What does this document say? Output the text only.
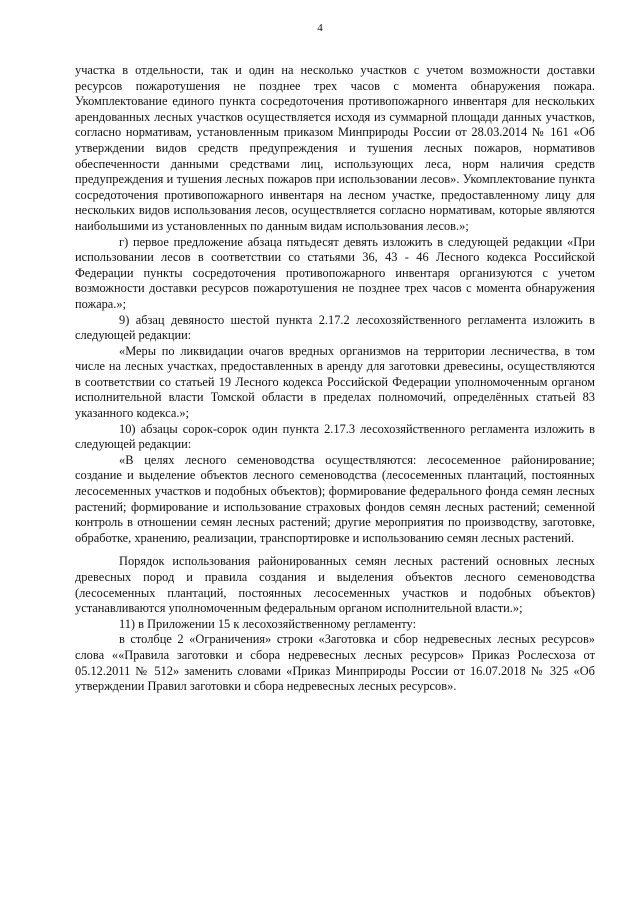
4

участка в отдельности, так и один на несколько участков с учетом возможности доставки ресурсов пожаротушения не позднее трех часов с момента обнаружения пожара. Укомплектование единого пункта сосредоточения противопожарного инвентаря для нескольких арендованных лесных участков осуществляется исходя из суммарной площади данных участков, согласно нормативам, установленным приказом Минприроды России от 28.03.2014 № 161 «Об утверждении видов средств предупреждения и тушения лесных пожаров, нормативов обеспеченности данными средствами лиц, использующих леса, норм наличия средств предупреждения и тушения лесных пожаров при использовании лесов». Укомплектование пункта сосредоточения противопожарного инвентаря на лесном участке, предоставленному лицу для нескольких видов использования лесов, осуществляется согласно нормативам, которые являются наибольшими из установленных по данным видам использования лесов.»;

г) первое предложение абзаца пятьдесят девять изложить в следующей редакции «При использовании лесов в соответствии со статьями 36, 43 - 46 Лесного кодекса Российской Федерации пункты сосредоточения противопожарного инвентаря организуются с учетом возможности доставки ресурсов пожаротушения не позднее трех часов с момента обнаружения пожара.»;

9) абзац девяносто шестой пункта 2.17.2 лесохозяйственного регламента изложить в следующей редакции:

«Меры по ликвидации очагов вредных организмов на территории лесничества, в том числе на лесных участках, предоставленных в аренду для заготовки древесины, осуществляются в соответствии со статьей 19 Лесного кодекса Российской Федерации уполномоченным органом исполнительной власти Томской области в пределах полномочий, определённых статьей 83 указанного кодекса.»;

10) абзацы сорок-сорок один пункта 2.17.3 лесохозяйственного регламента изложить в следующей редакции:

«В целях лесного семеноводства осуществляются: лесосеменное районирование; создание и выделение объектов лесного семеноводства (лесосеменных плантаций, постоянных лесосеменных участков и подобных объектов); формирование федерального фонда семян лесных растений; формирование и использование страховых фондов семян лесных растений; семенной контроль в отношении семян лесных растений; другие мероприятия по производству, заготовке, обработке, хранению, реализации, транспортировке и использованию семян лесных растений.

Порядок использования районированных семян лесных растений основных лесных древесных пород и правила создания и выделения объектов лесного семеноводства (лесосеменных плантаций, постоянных лесосеменных участков и подобных объектов) устанавливаются уполномоченным федеральным органом исполнительной власти.»;

11) в Приложении 15 к лесохозяйственному регламенту:

в столбце 2 «Ограничения» строки «Заготовка и сбор недревесных лесных ресурсов» слова ««Правила заготовки и сбора недревесных лесных ресурсов» Приказ Рослесхоза от 05.12.2011 № 512» заменить словами «Приказ Минприроды России от 16.07.2018 № 325 «Об утверждении Правил заготовки и сбора недревесных лесных ресурсов».
